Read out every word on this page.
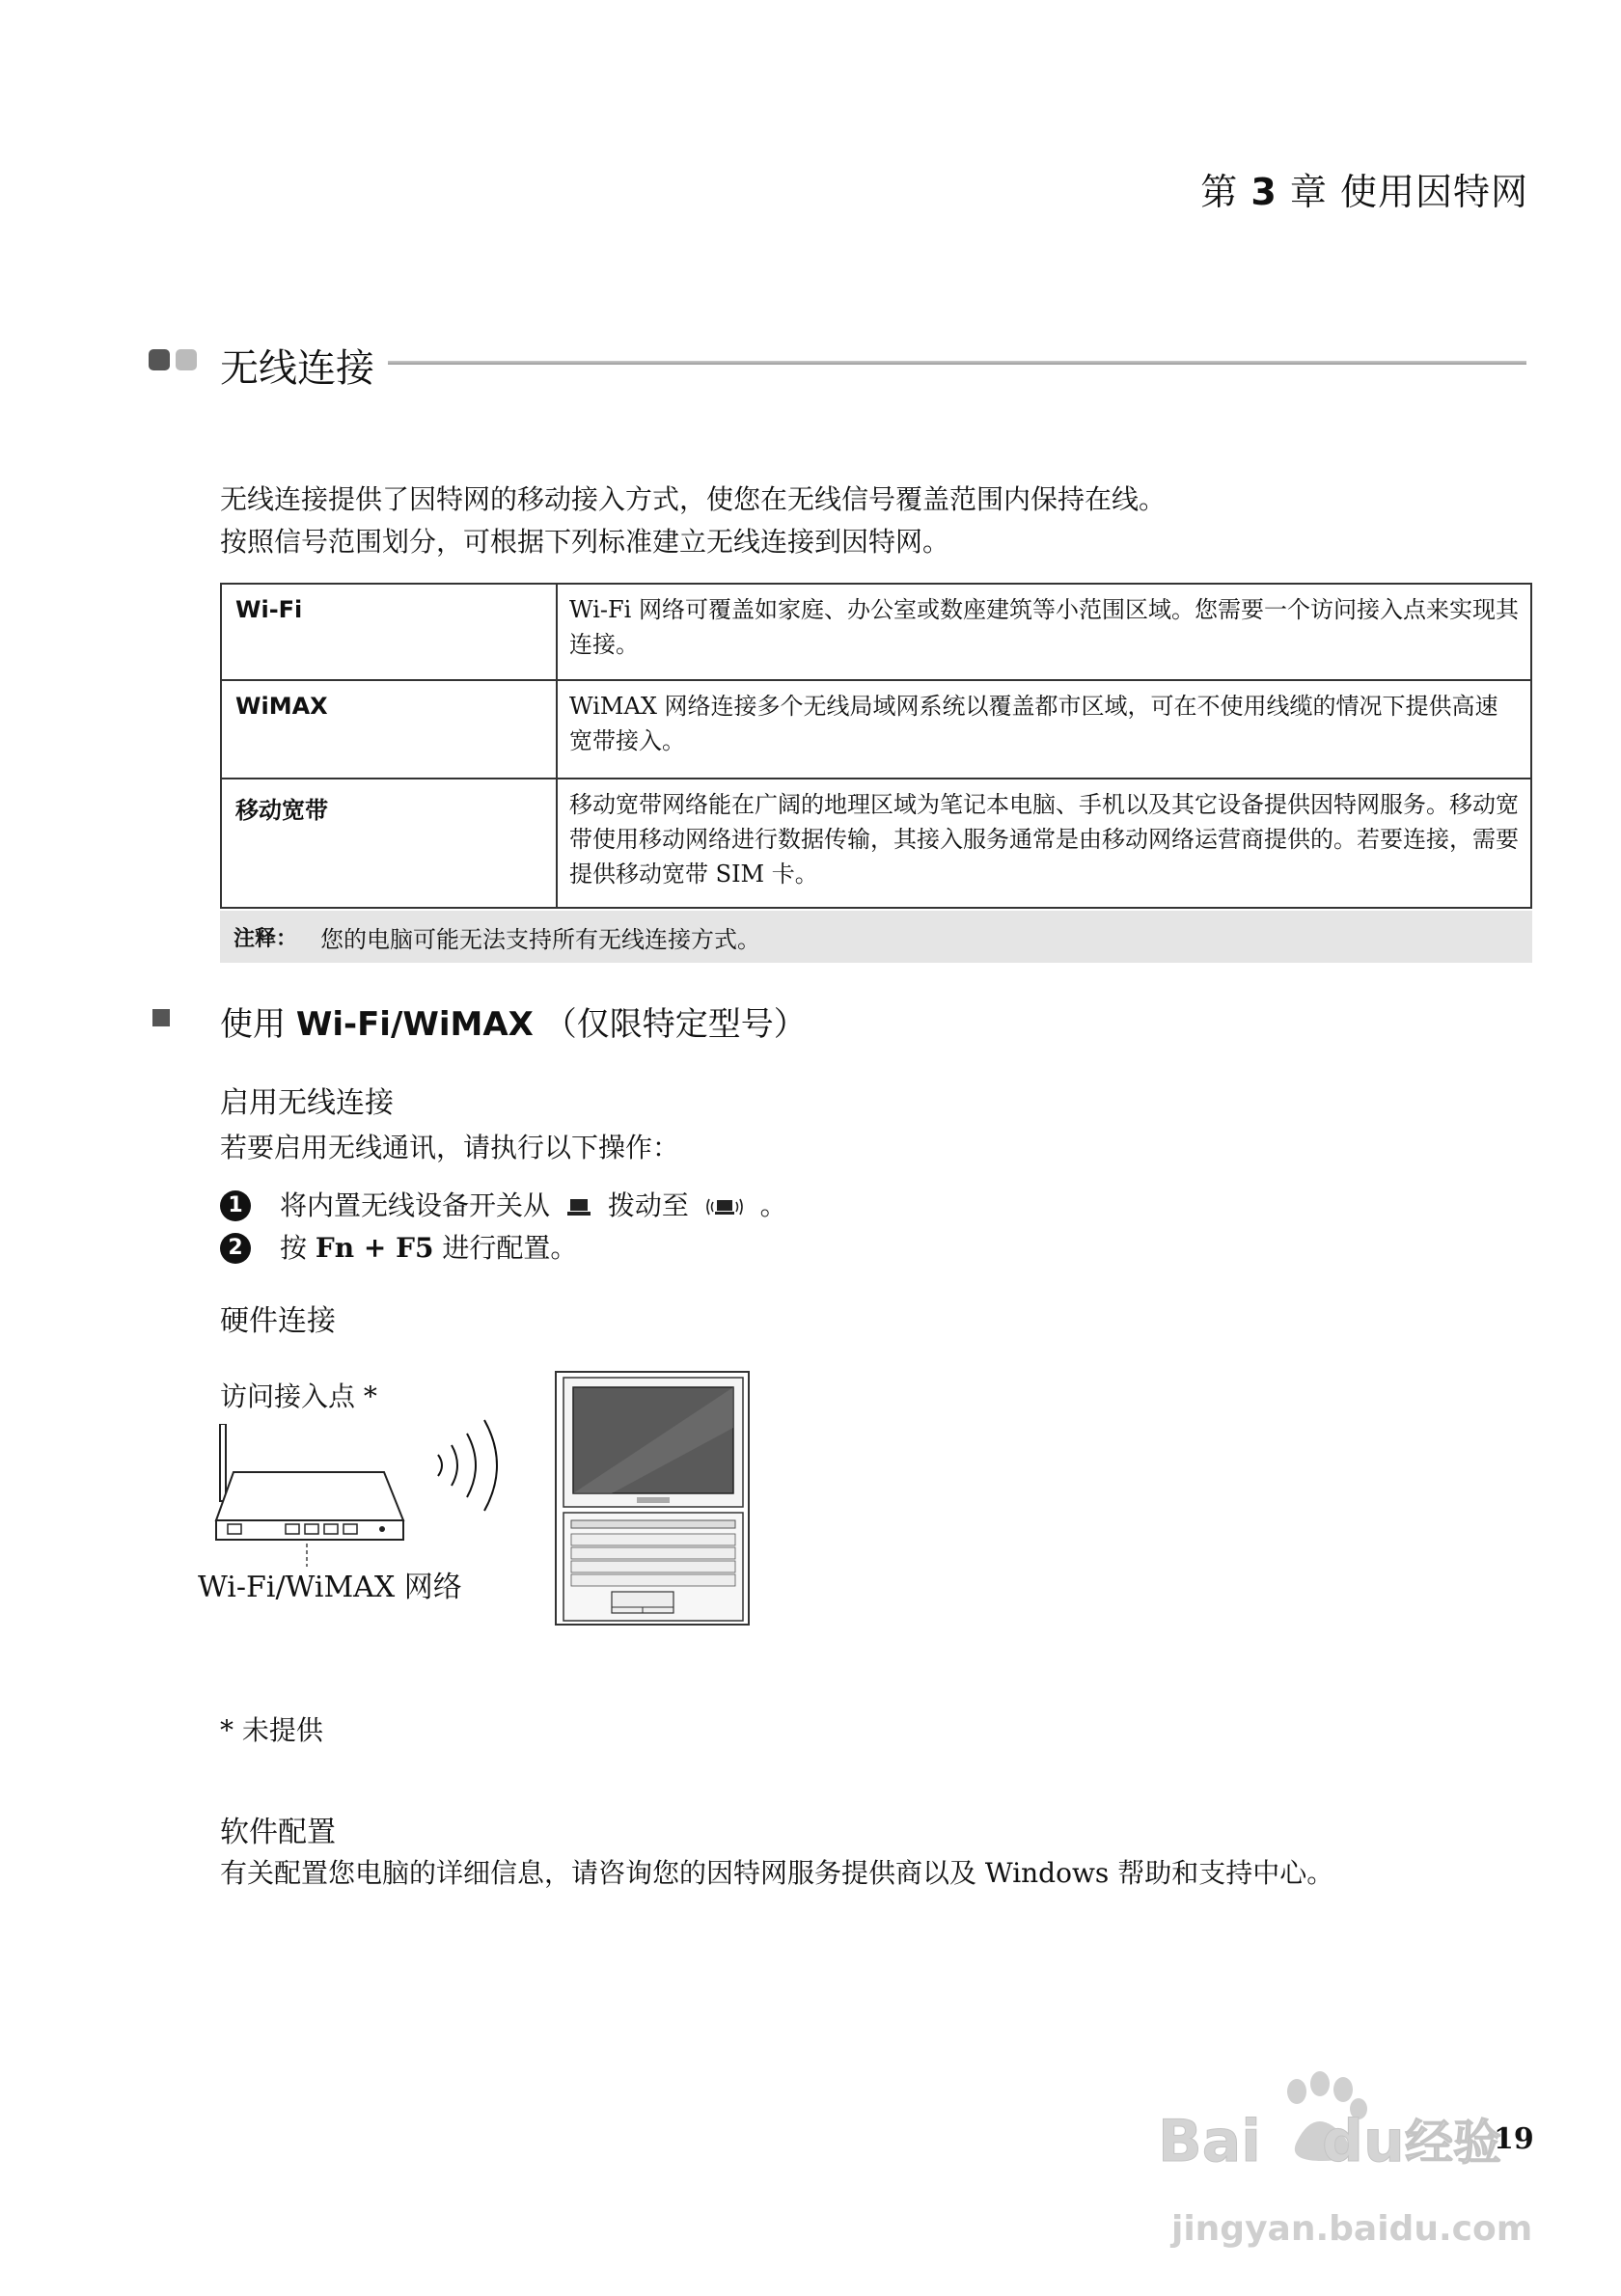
第 3 章 使用因特网
无线连接
无线连接提供了因特网的移动接入方式，使您在无线信号覆盖范围内保持在线。
按照信号范围划分，可根据下列标准建立无线连接到因特网。
Wi-Fi	Wi-Fi 网络可覆盖如家庭、办公室或数座建筑等小范围区域。您需要一个访问接入点来实现其连接。
WiMAX	WiMAX 网络连接多个无线局域网系统以覆盖都市区域，可在不使用线缆的情况下提供高速宽带接入。
移动宽带	移动宽带网络能在广阔的地理区域为笔记本电脑、手机以及其它设备提供因特网服务。移动宽带使用移动网络进行数据传输，其接入服务通常是由移动网络运营商提供的。若要连接，需要提供移动宽带 SIM 卡。
注释： 您的电脑可能无法支持所有无线连接方式。
使用 Wi-Fi/WiMAX （仅限特定型号）
启用无线连接
若要启用无线通讯，请执行以下操作：
1 将内置无线设备开关从 拨动至	。
2 按 Fn + F5 进行配置。
硬件连接
访问接入点 *
Wi-Fi/WiMAX 网络
* 未提供
软件配置
有关配置您电脑的详细信息，请咨询您的因特网服务提供商以及 Windows 帮助和支持中心。
Bai du 经验
jingyan.baidu.com
19
